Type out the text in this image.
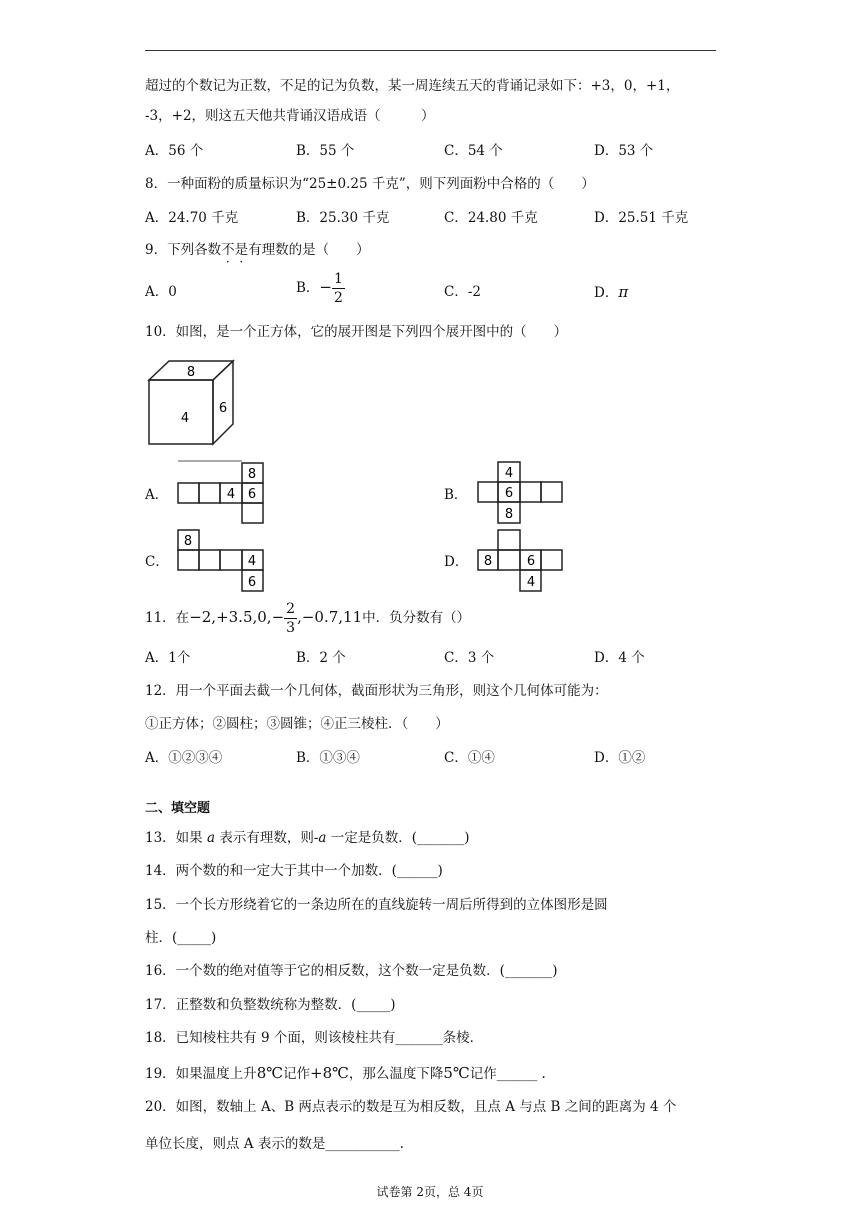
超过的个数记为正数，不足的记为负数，某一周连续五天的背诵记录如下：+3，0，+1，
-3，+2，则这五天他共背诵汉语成语（　　　）
A．56 个	B．55 个	C．54 个	D．53 个
8．一种面粉的质量标识为“25±0.25 千克”，则下列面粉中合格的（　　）
A．24.70 千克	B．25.30 千克	C．24.80 千克	D．25.51 千克
9．下列各数不是有理数的是（　　）
A．0	B．− $\frac{1}{2}$	C．-2	D．π
10．如图，是一个正方体，它的展开图是下列四个展开图中的（　　）
8
4
6
A．
8
4 6	B．
4
6
8
C．
8
4
6
D． 8	6
4
11．在$-2,+3.5,0,- \frac{2}{3} ,-0.7,11$中．负分数有（）
A．1个	B．2 个	C．3 个	D．4 个
12．用一个平面去截一个几何体，截面形状为三角形，则这个几何体可能为：
①正方体；②圆柱；③圆锥；④正三棱柱．（　　）
A．①②③④	B．①③④	C．①④	D．①②
二、填空题
13．如果 a 表示有理数，则-a 一定是负数．(_______)
14．两个数的和一定大于其中一个加数．(______)
15．一个长方形绕着它的一条边所在的直线旋转一周后所得到的立体图形是圆
柱．(_____)
16．一个数的绝对值等于它的相反数，这个数一定是负数．(_______)
17．正整数和负整数统称为整数．(_____)
18．已知棱柱共有 9 个面，则该棱柱共有_______条棱．
19．如果温度上升8℃记作+8℃，那么温度下降5℃记作______ .
20．如图，数轴上 A、B 两点表示的数是互为相反数，且点 A 与点 B 之间的距离为 4 个
单位长度，则点 A 表示的数是___________.
试卷第 2页，总 4页
